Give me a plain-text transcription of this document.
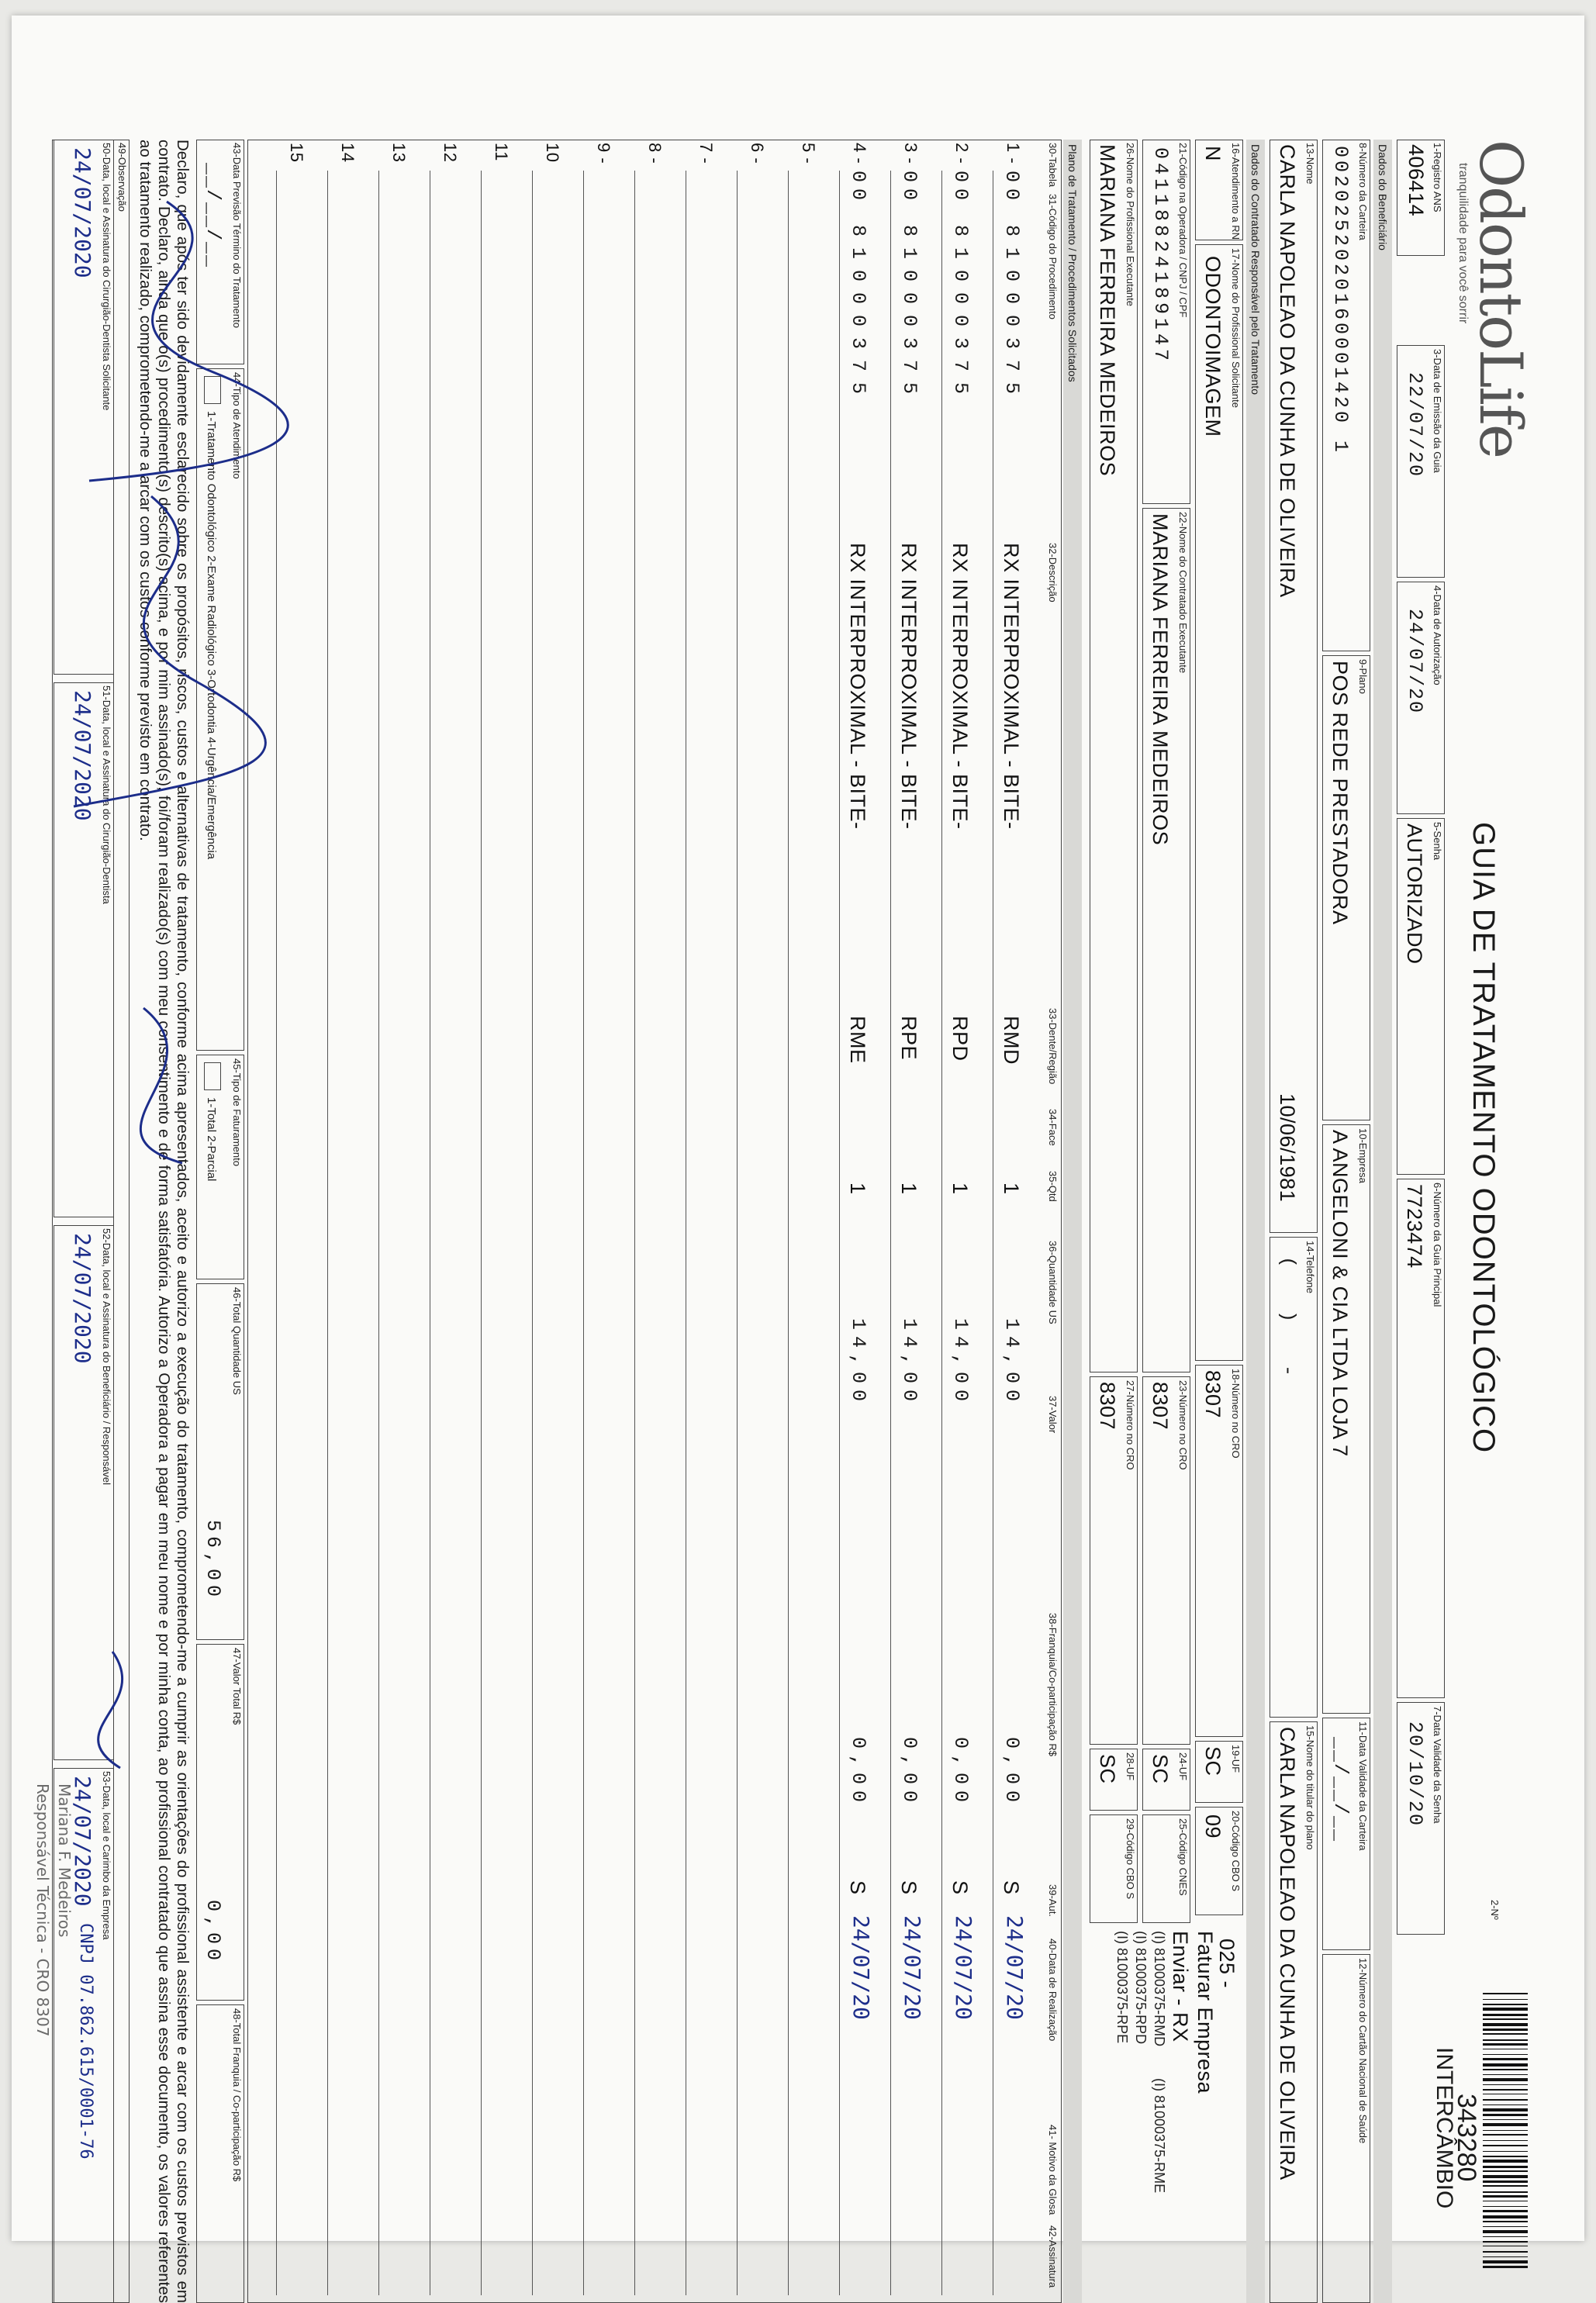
OdontoLife
tranquilidade para você sorrir
GUIA DE TRATAMENTO ODONTOLÓGICO
2-Nº
343280
INTERCÂMBIO
1-Registro ANS
406414
3-Data de Emissão da Guia
22/07/20
4-Data de Autorização
24/07/20
5-Senha
AUTORIZADO
6-Número da Guia Principal
7723474
7-Data Validade da Senha
20/10/20
Dados do Beneficiário
8-Número da Carteira
0020252020160001420 1
9-Plano
POS REDE PRESTADORA
10-Empresa
A ANGELONI & CIA LTDA LOJA 7
11-Data Validade da Carteira
__/__/__
12-Número do Cartão Nacional de Saúde
13-Nome
CARLA NAPOLEAO DA CUNHA DE OLIVEIRA
10/06/1981
14-Telefone
( ) -
15-Nome do titular do plano
CARLA NAPOLEAO DA CUNHA DE OLIVEIRA
Dados do Contratado Responsável pelo Tratamento
16-Atendimento a RN
N
17-Nome do Profissional Solicitante
ODONTOIMAGEM
18-Número no CRO
8307
19-UF
SC
20-Código CBO S
09
025 -
Faturar Empresa
Enviar - RX
(I) 81000375-RMD
(I) 81000375-RME
(I) 81000375-RPD
(I) 81000375-RPE
21-Código na Operadora / CNPJ / CPF
04118824189147
22-Nome do Contratado Executante
MARIANA FERREIRA MEDEIROS
23-Número no CRO
8307
24-UF
SC
25-Código CNES
26-Nome do Profissional Executante
MARIANA FERREIRA MEDEIROS
27-Número no CRO
8307
28-UF
SC
29-Código CBO S
Plano de Tratamento / Procedimentos Solicitados
30-Tabela
31-Código do Procedimento
32-Descrição
33-Dente/Região
34-Face
35-Qtd
36-Quantidade US
37-Valor
38-Franquia/Co-participação R$
39-Aut.
40-Data de Realização
41- Motivo da Glosa
42-Assinatura
1 -
00
81000375
RX INTERPROXIMAL - BITE-
RMD
1
14,00
0,00
S
24/07/20
2 -
00
81000375
RX INTERPROXIMAL - BITE-
RPD
1
14,00
0,00
S
24/07/20
3 -
00
81000375
RX INTERPROXIMAL - BITE-
RPE
1
14,00
0,00
S
24/07/20
4 -
00
81000375
RX INTERPROXIMAL - BITE-
RME
1
14,00
0,00
S
24/07/20
5 -
6 -
7 -
8 -
9 -
10
11
12
13
14
15
43-Data Previsão Término do Tratamento
__/__/__
44-Tipo de Atendimento
1-Tratamento Odontológico 2-Exame Radiológico 3-Ortodontia 4-Urgência/Emergência
45-Tipo de Faturamento
1-Total 2-Parcial
46-Total Quantidade US
56,00
47-Valor Total R$
0,00
48-Total Franquia / Co-participação R$
Declaro, que após ter sido devidamente esclarecido sobre os propósitos, riscos, custos e alternativas de tratamento, conforme acima apresentados, aceito e autorizo a execução do tratamento, comprometendo-me a cumprir as orientações do profissional assistente e arcar com os custos previstos em contrato. Declaro, ainda que o(s) procedimento(s) descrito(s) acima, e por mim assinado(s), foi/foram realizado(s) com meu consentimento e de forma satisfatória. Autorizo a Operadora a pagar em meu nome e por minha conta, ao profissional contratado que assina esse documento, os valores referentes ao tratamento realizado, comprometendo-me a arcar com os custos conforme previsto em contrato.
49-Observação
50-Data, local e Assinatura do Cirurgião-Dentista Solicitante
24/07/2020
51-Data, local e Assinatura do Cirurgião-Dentista
24/07/2020
52-Data, local e Assinatura do Beneficiário / Responsável
24/07/2020
53-Data, local e Carimbo da Empresa
24/07/2020
CNPJ 07.862.615/0001-76
Mariana F. Medeiros
Responsável Técnica - CRO 8307
